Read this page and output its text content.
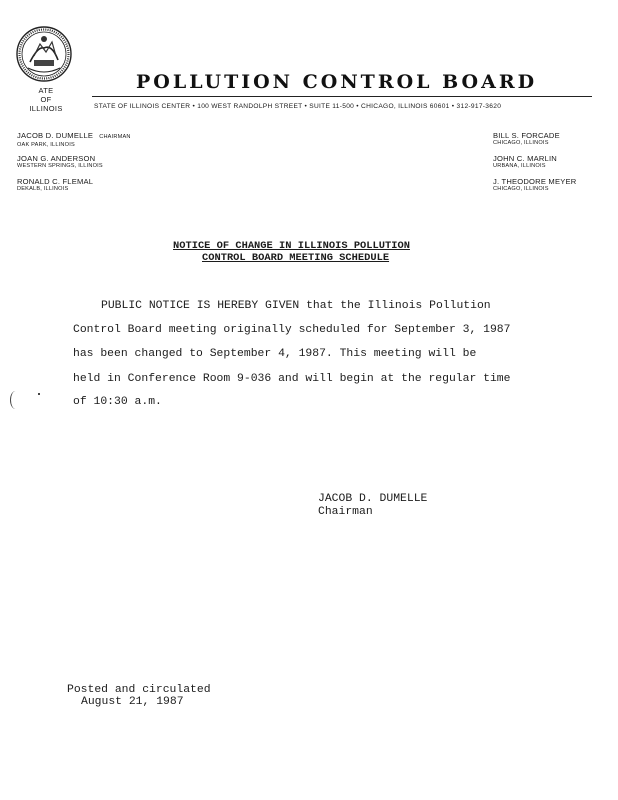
ATE
OF
ILLINOIS
POLLUTION CONTROL BOARD
STATE OF ILLINOIS CENTER • 100 WEST RANDOLPH STREET • SUITE 11-500 • CHICAGO, ILLINOIS 60601 • 312-917-3620
JACOB D. DUMELLE CHAIRMAN
OAK PARK, ILLINOIS
JOAN G. ANDERSON
WESTERN SPRINGS, ILLINOIS
RONALD C. FLEMAL
DEKALB, ILLINOIS
BILL S. FORCADE
CHICAGO, ILLINOIS
JOHN C. MARLIN
URBANA, ILLINOIS
J. THEODORE MEYER
CHICAGO, ILLINOIS
NOTICE OF CHANGE IN ILLINOIS POLLUTION
CONTROL BOARD MEETING SCHEDULE
PUBLIC NOTICE IS HEREBY GIVEN that the Illinois Pollution
Control Board meeting originally scheduled for September 3, 1987
has been changed to September 4, 1987. This meeting will be
held in Conference Room 9-036 and will begin at the regular time
of 10:30 a.m.
JACOB D. DUMELLE
Chairman
Posted and circulated
August 21, 1987
